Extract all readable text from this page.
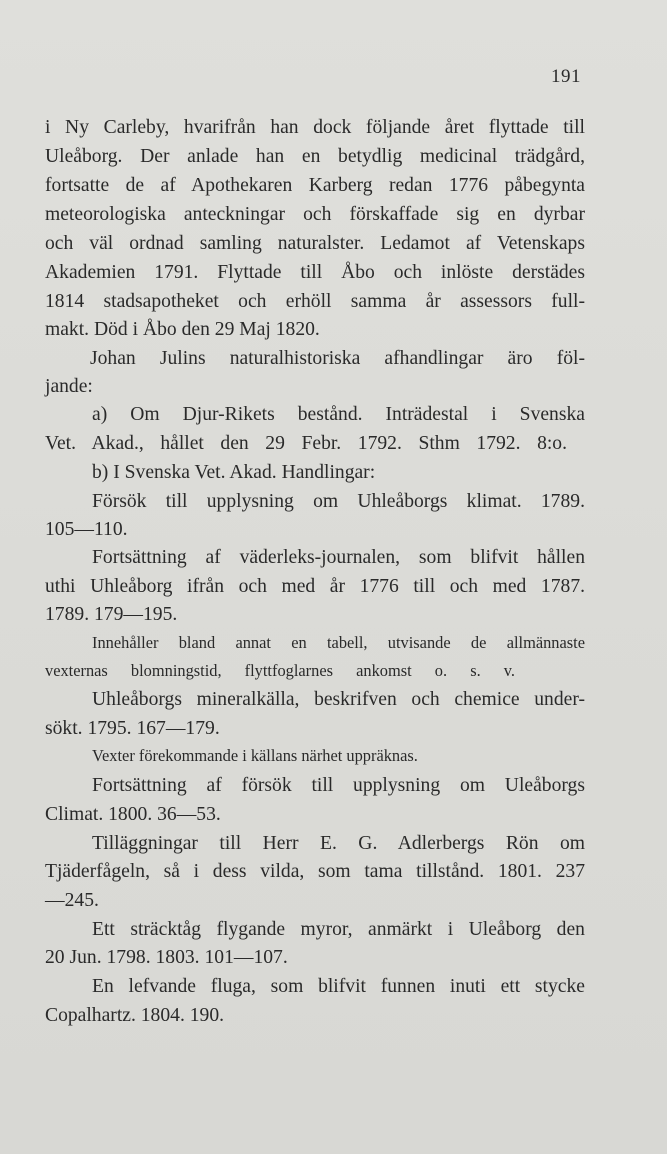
191
i Ny Carleby, hvarifrån han dock följande året flyttade till
Uleåborg. Der anlade han en betydlig medicinal trädgård,
fortsatte de af Apothekaren Karberg redan 1776 påbegynta
meteorologiska anteckningar och förskaffade sig en dyrbar
och väl ordnad samling naturalster. Ledamot af Vetenskaps
Akademien 1791. Flyttade till Åbo och inlöste derstädes
1814 stadsapotheket och erhöll samma år assessors full-
makt. Död i Åbo den 29 Maj 1820.
Johan Julins naturalhistoriska afhandlingar äro föl-
jande:
a) Om Djur-Rikets bestånd. Inträdestal i Svenska
Vet. Akad., hållet den 29 Febr. 1792. Sthm 1792. 8:o.
b) I Svenska Vet. Akad. Handlingar:
Försök till upplysning om Uhleåborgs klimat. 1789.
105—110.
Fortsättning af väderleks-journalen, som blifvit hållen
uthi Uhleåborg ifrån och med år 1776 till och med 1787.
1789. 179—195.
Innehåller bland annat en tabell, utvisande de allmännaste
vexternas blomningstid, flyttfoglarnes ankomst o. s. v.
Uhleåborgs mineralkälla, beskrifven och chemice under-
sökt. 1795. 167—179.
Vexter förekommande i källans närhet uppräknas.
Fortsättning af försök till upplysning om Uleåborgs
Climat. 1800. 36—53.
Tilläggningar till Herr E. G. Adlerbergs Rön om
Tjäderfågeln, så i dess vilda, som tama tillstånd. 1801. 237
—245.
Ett sträcktåg flygande myror, anmärkt i Uleåborg den
20 Jun. 1798. 1803. 101—107.
En lefvande fluga, som blifvit funnen inuti ett stycke
Copalhartz. 1804. 190.
